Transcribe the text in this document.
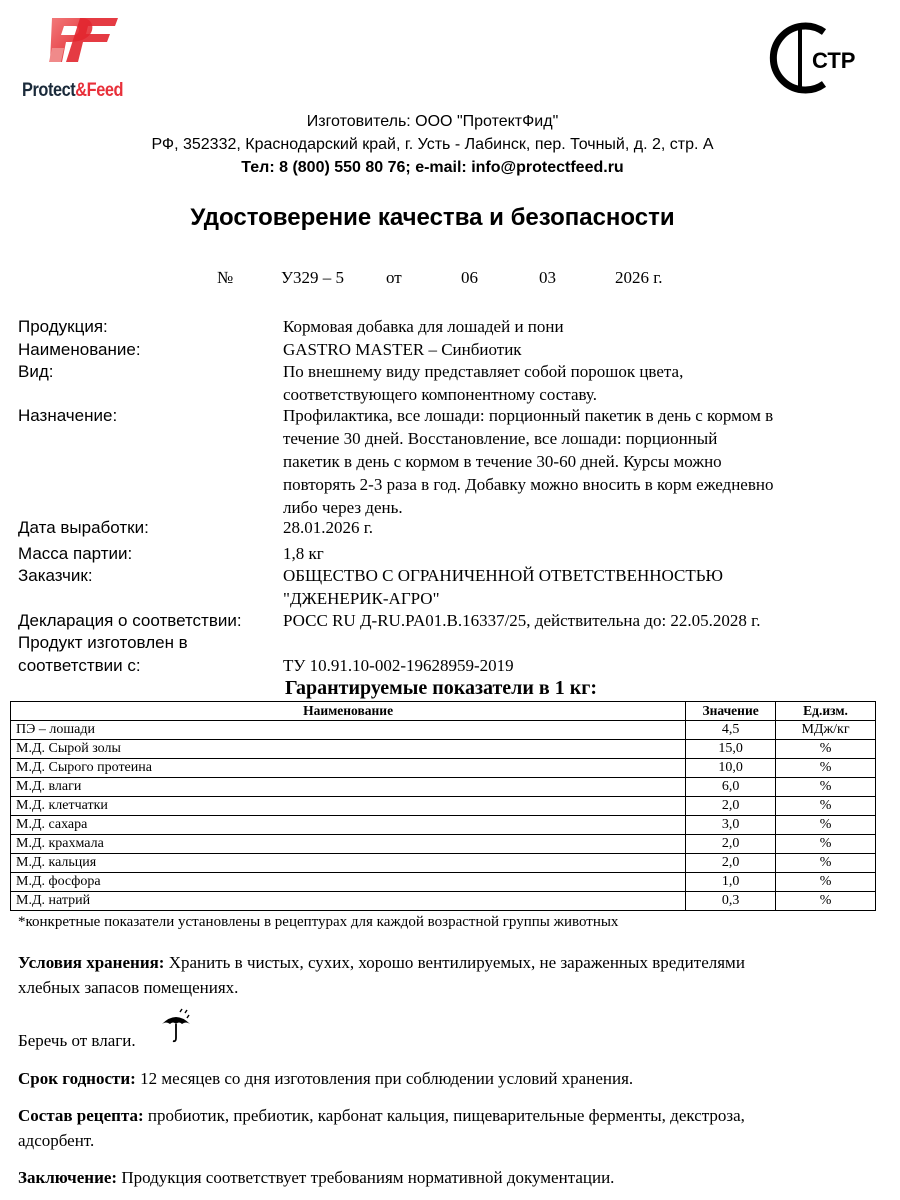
Protect&Feed
СТР
Изготовитель: ООО "ПротектФид"
РФ, 352332, Краснодарский край, г. Усть - Лабинск, пер. Точный, д. 2, стр. А
Тел: 8 (800) 550 80 76; e-mail: info@protectfeed.ru
Удостоверение качества и безопасности
№	У329 – 5 от	06	03	2026 г.
Продукция:	Кормовая добавка для лошадей и пони
Наименование:	GASTRO MASTER – Синбиотик
Вид:	По внешнему виду представляет собой порошок цвета,
соответствующего компонентному составу.
Назначение:	Профилактика, все лошади: порционный пакетик в день с кормом в
течение 30 дней. Восстановление, все лошади: порционный
пакетик в день с кормом в течение 30-60 дней. Курсы можно
повторять 2-3 раза в год. Добавку можно вносить в корм ежедневно
либо через день.
Дата выработки:	28.01.2026 г.
Масса партии:	1,8 кг
Заказчик:	ОБЩЕСТВО С ОГРАНИЧЕННОЙ ОТВЕТСТВЕННОСТЬЮ
"ДЖЕНЕРИК-АГРО"
Декларация о соответствии: РОСС RU Д-RU.PA01.B.16337/25, действительна до: 22.05.2028 г.
Продукт изготовлен в
соответствии с:	ТУ 10.91.10-002-19628959-2019
Гарантируемые показатели в 1 кг:
Наименование	Значение	Ед.изм.
ПЭ – лошади	4,5	МДж/кг
М.Д. Сырой золы	15,0	%
М.Д. Сырого протеина	10,0	%
М.Д. влаги	6,0	%
М.Д. клетчатки	2,0	%
М.Д. сахара	3,0	%
М.Д. крахмала	2,0	%
М.Д. кальция	2,0	%
М.Д. фосфора	1,0	%
М.Д. натрий	0,3	%
*конкретные показатели установлены в рецептурах для каждой возрастной группы животных
Условия хранения: Хранить в чистых, сухих, хорошо вентилируемых, не зараженных вредителями
хлебных запасов помещениях.
Беречь от влаги.
Срок годности: 12 месяцев со дня изготовления при соблюдении условий хранения.
Состав рецепта: пробиотик, пребиотик, карбонат кальция, пищеварительные ферменты, декстроза,
адсорбент.
Заключение: Продукция соответствует требованиям нормативной документации.
